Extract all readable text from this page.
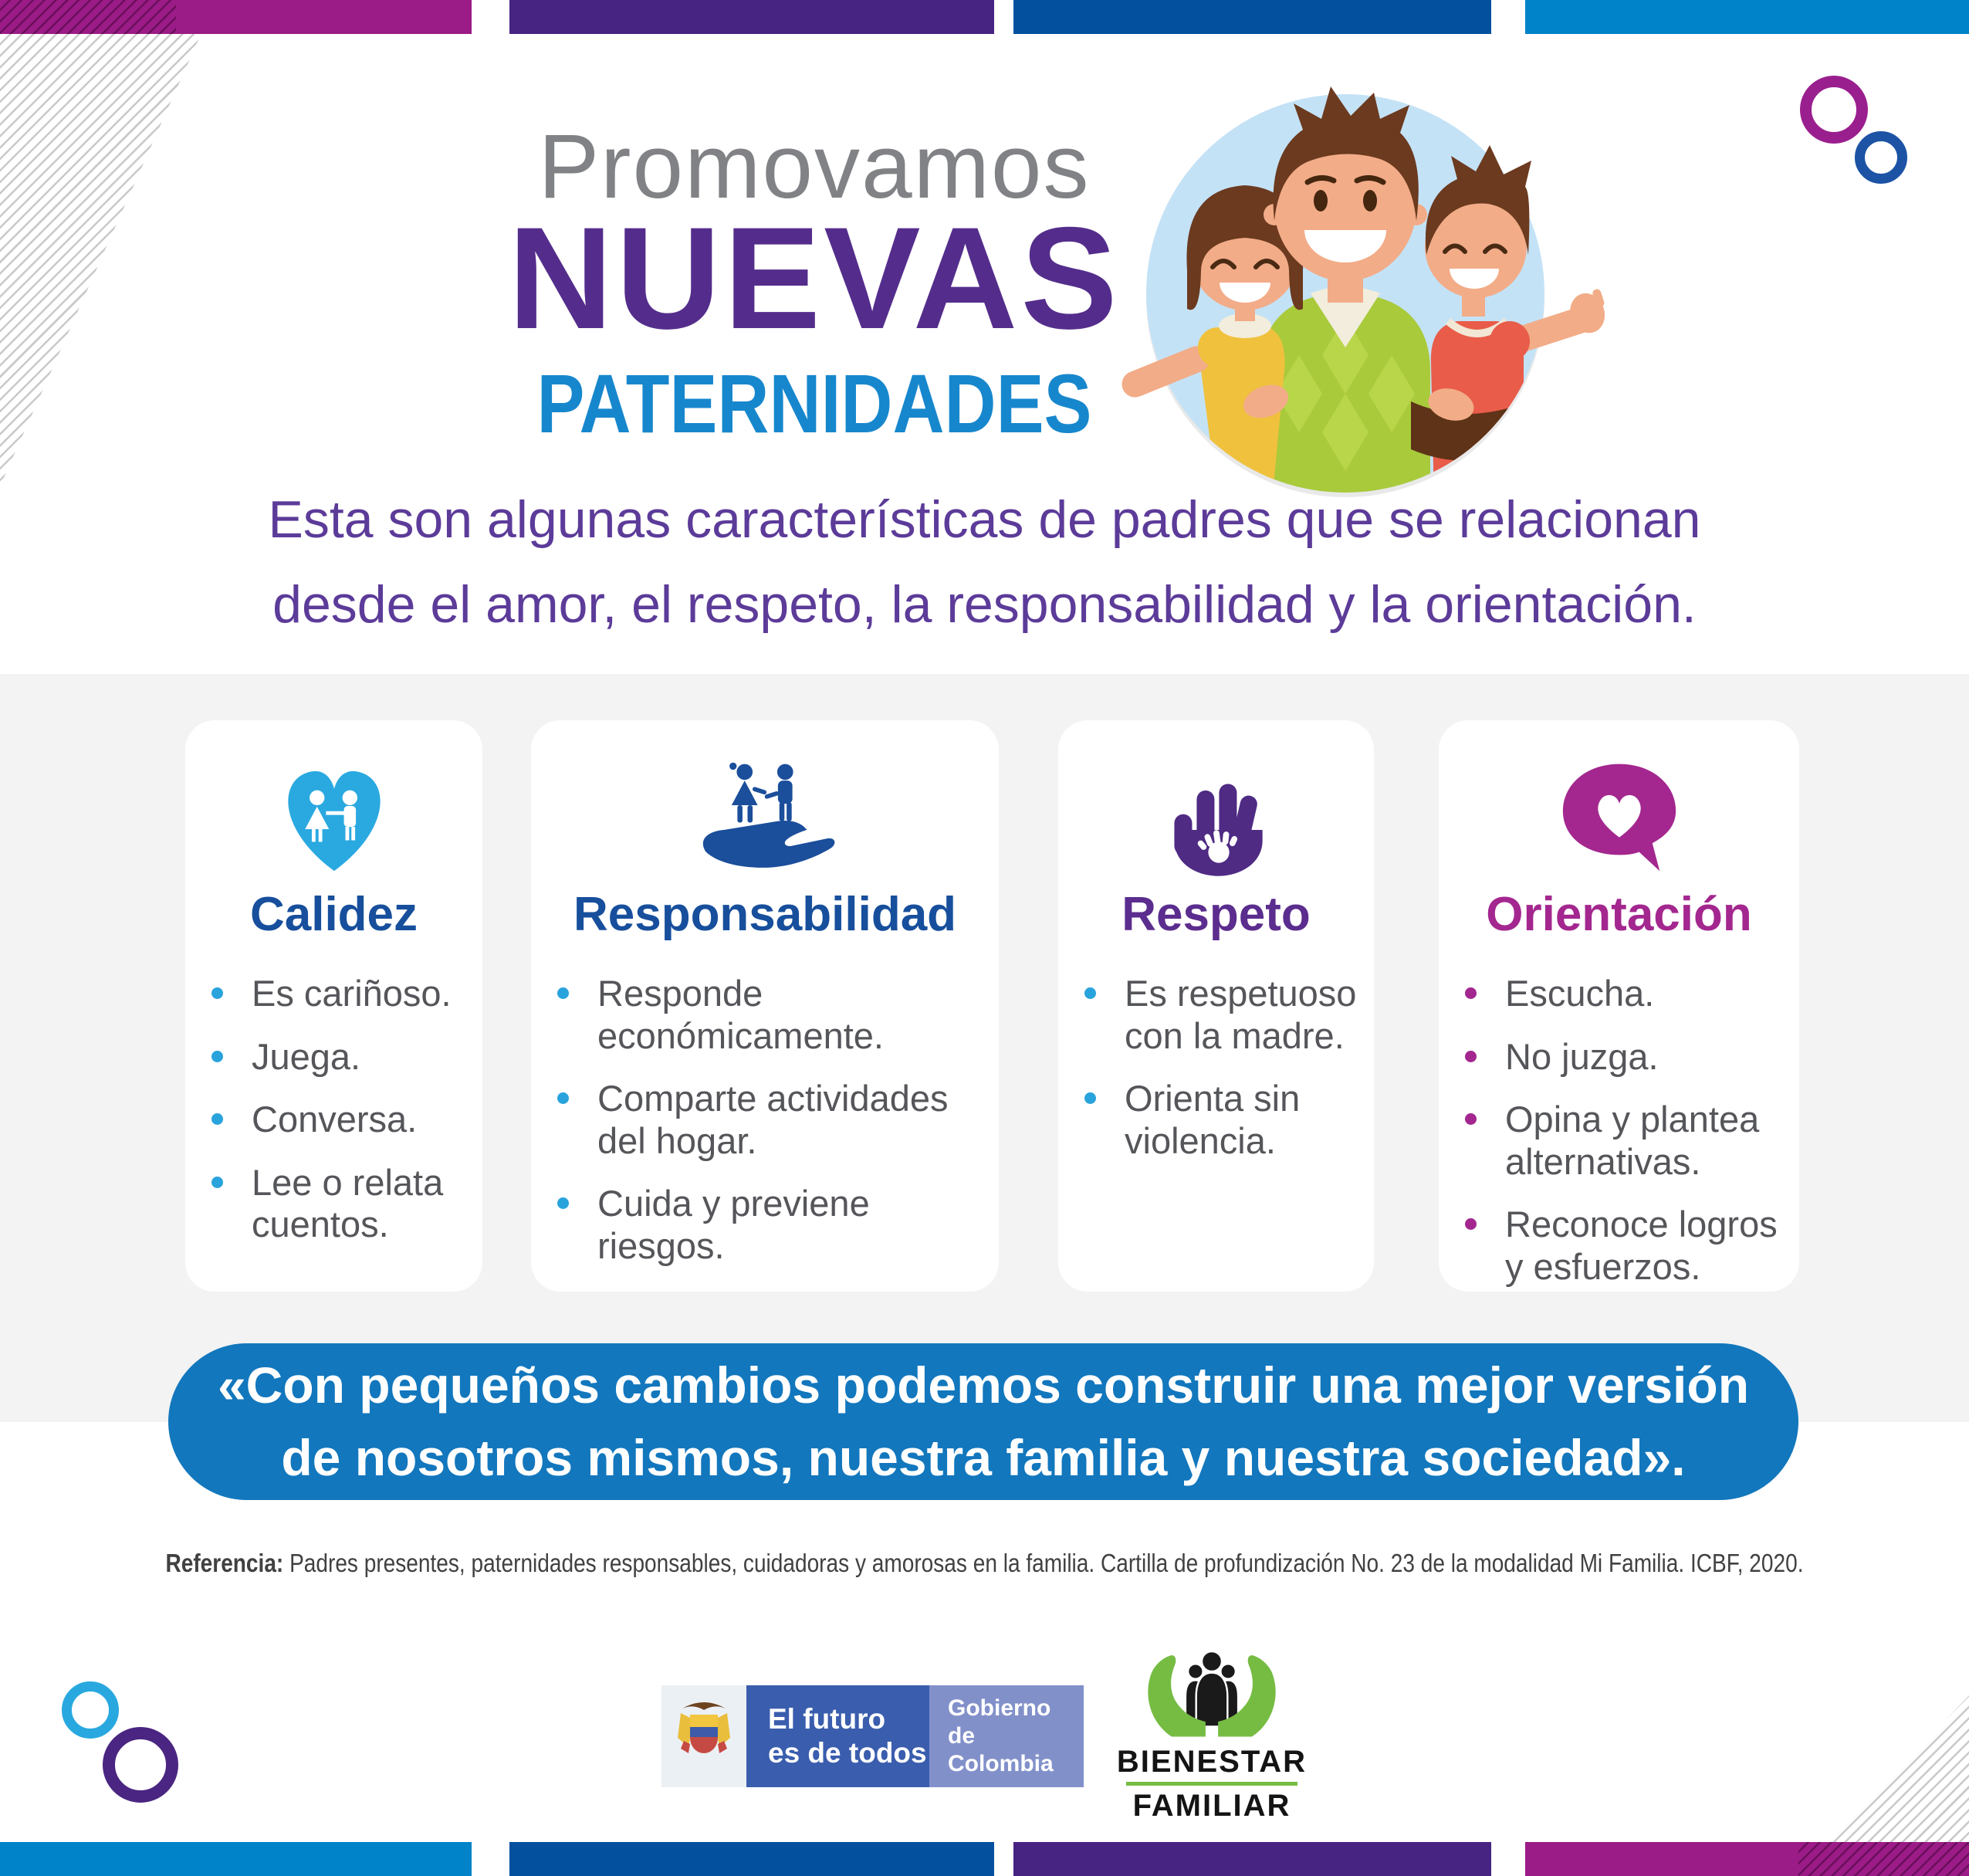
Promovamos
NUEVAS
PATERNIDADES
Esta son algunas características de padres que se relacionan
desde el amor, el respeto, la responsabilidad y la orientación.
Calidez
Es cariñoso.
Juega.
Conversa.
Lee o relata cuentos.
Responsabilidad
Responde económicamente.
Comparte actividades del hogar.
Cuida y previene riesgos.
Respeto
Es respetuoso con la madre.
Orienta sin violencia.
Orientación
Escucha.
No juzga.
Opina y plantea alternativas.
Reconoce logros y esfuerzos.
«Con pequeños cambios podemos construir una mejor versión
de nosotros mismos, nuestra familia y nuestra sociedad».
Referencia: Padres presentes, paternidades responsables, cuidadoras y amorosas en la familia. Cartilla de profundización No. 23 de la modalidad Mi Familia. ICBF, 2020.
El futuro
es de todos
Gobierno
de Colombia	BIENESTAR
FAMILIAR
